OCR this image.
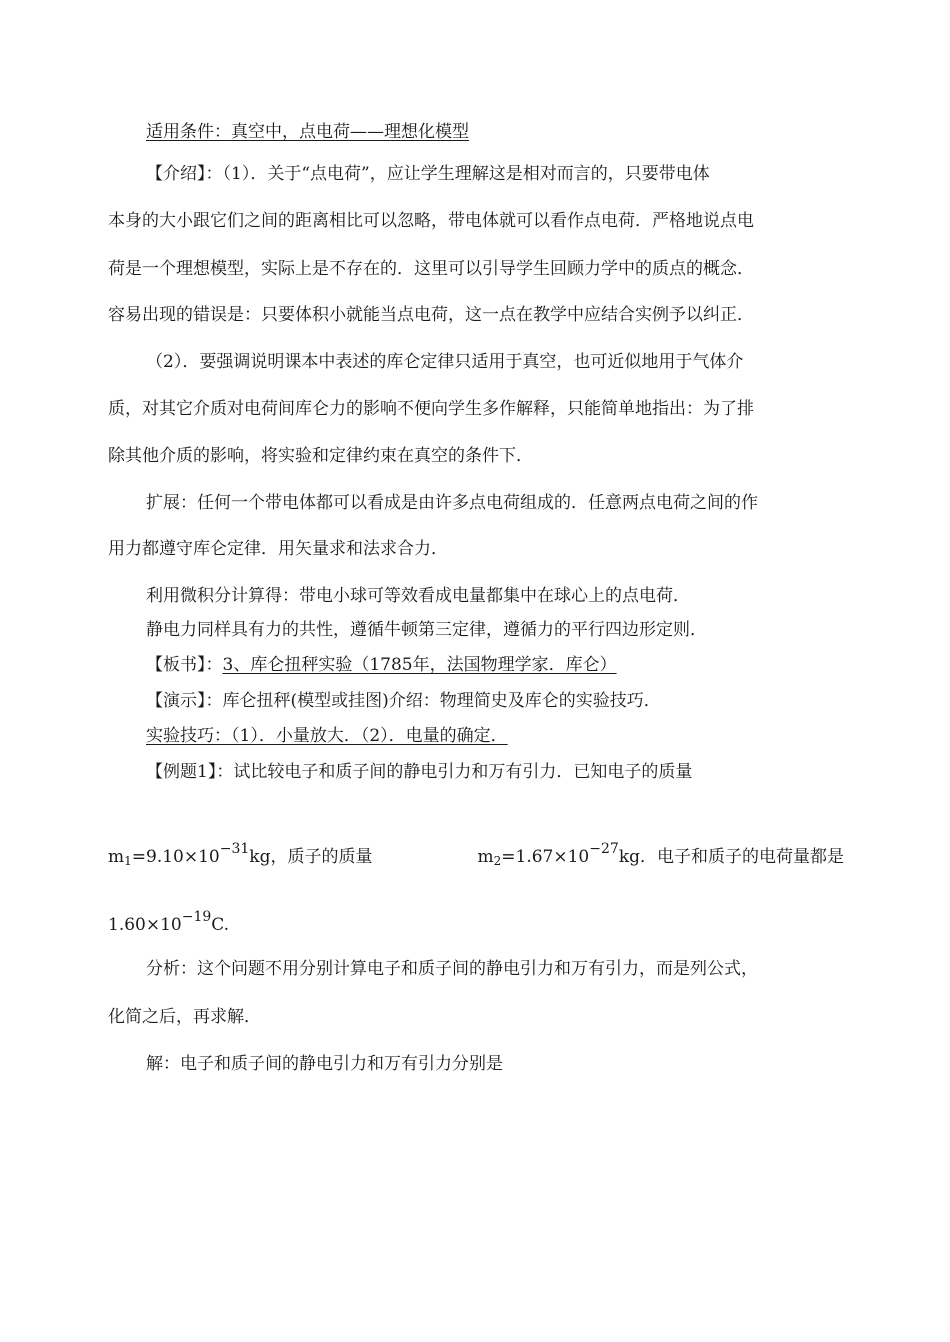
适用条件：真空中，点电荷——理想化模型
【介绍】：（1）．关于“点电荷”，应让学生理解这是相对而言的，只要带电体
本身的大小跟它们之间的距离相比可以忽略，带电体就可以看作点电荷．严格地说点电
荷是一个理想模型，实际上是不存在的．这里可以引导学生回顾力学中的质点的概念．
容易出现的错误是：只要体积小就能当点电荷，这一点在教学中应结合实例予以纠正．
（2）．要强调说明课本中表述的库仑定律只适用于真空，也可近似地用于气体介
质，对其它介质对电荷间库仑力的影响不便向学生多作解释，只能简单地指出：为了排
除其他介质的影响，将实验和定律约束在真空的条件下．
扩展：任何一个带电体都可以看成是由许多点电荷组成的．任意两点电荷之间的作
用力都遵守库仑定律．用矢量求和法求合力．
利用微积分计算得：带电小球可等效看成电量都集中在球心上的点电荷．
静电力同样具有力的共性，遵循牛顿第三定律，遵循力的平行四边形定则．
【板书】：3、库仑扭秤实验（1785年，法国物理学家．库仑）
【演示】：库仑扭秤(模型或挂图)介绍：物理简史及库仑的实验技巧．
实验技巧：（1）．小量放大．（2）．电量的确定．
【例题1】：试比较电子和质子间的静电引力和万有引力．已知电子的质量
$m_1=9.10\times 10^{-31}kg$，质子的质量	$m_2=1.67\times 10^{-27}kg$．电子和质子的电荷量都是
$1.60\times 10^{-19}C$.
分析：这个问题不用分别计算电子和质子间的静电引力和万有引力，而是列公式，
化简之后，再求解．
解：电子和质子间的静电引力和万有引力分别是
